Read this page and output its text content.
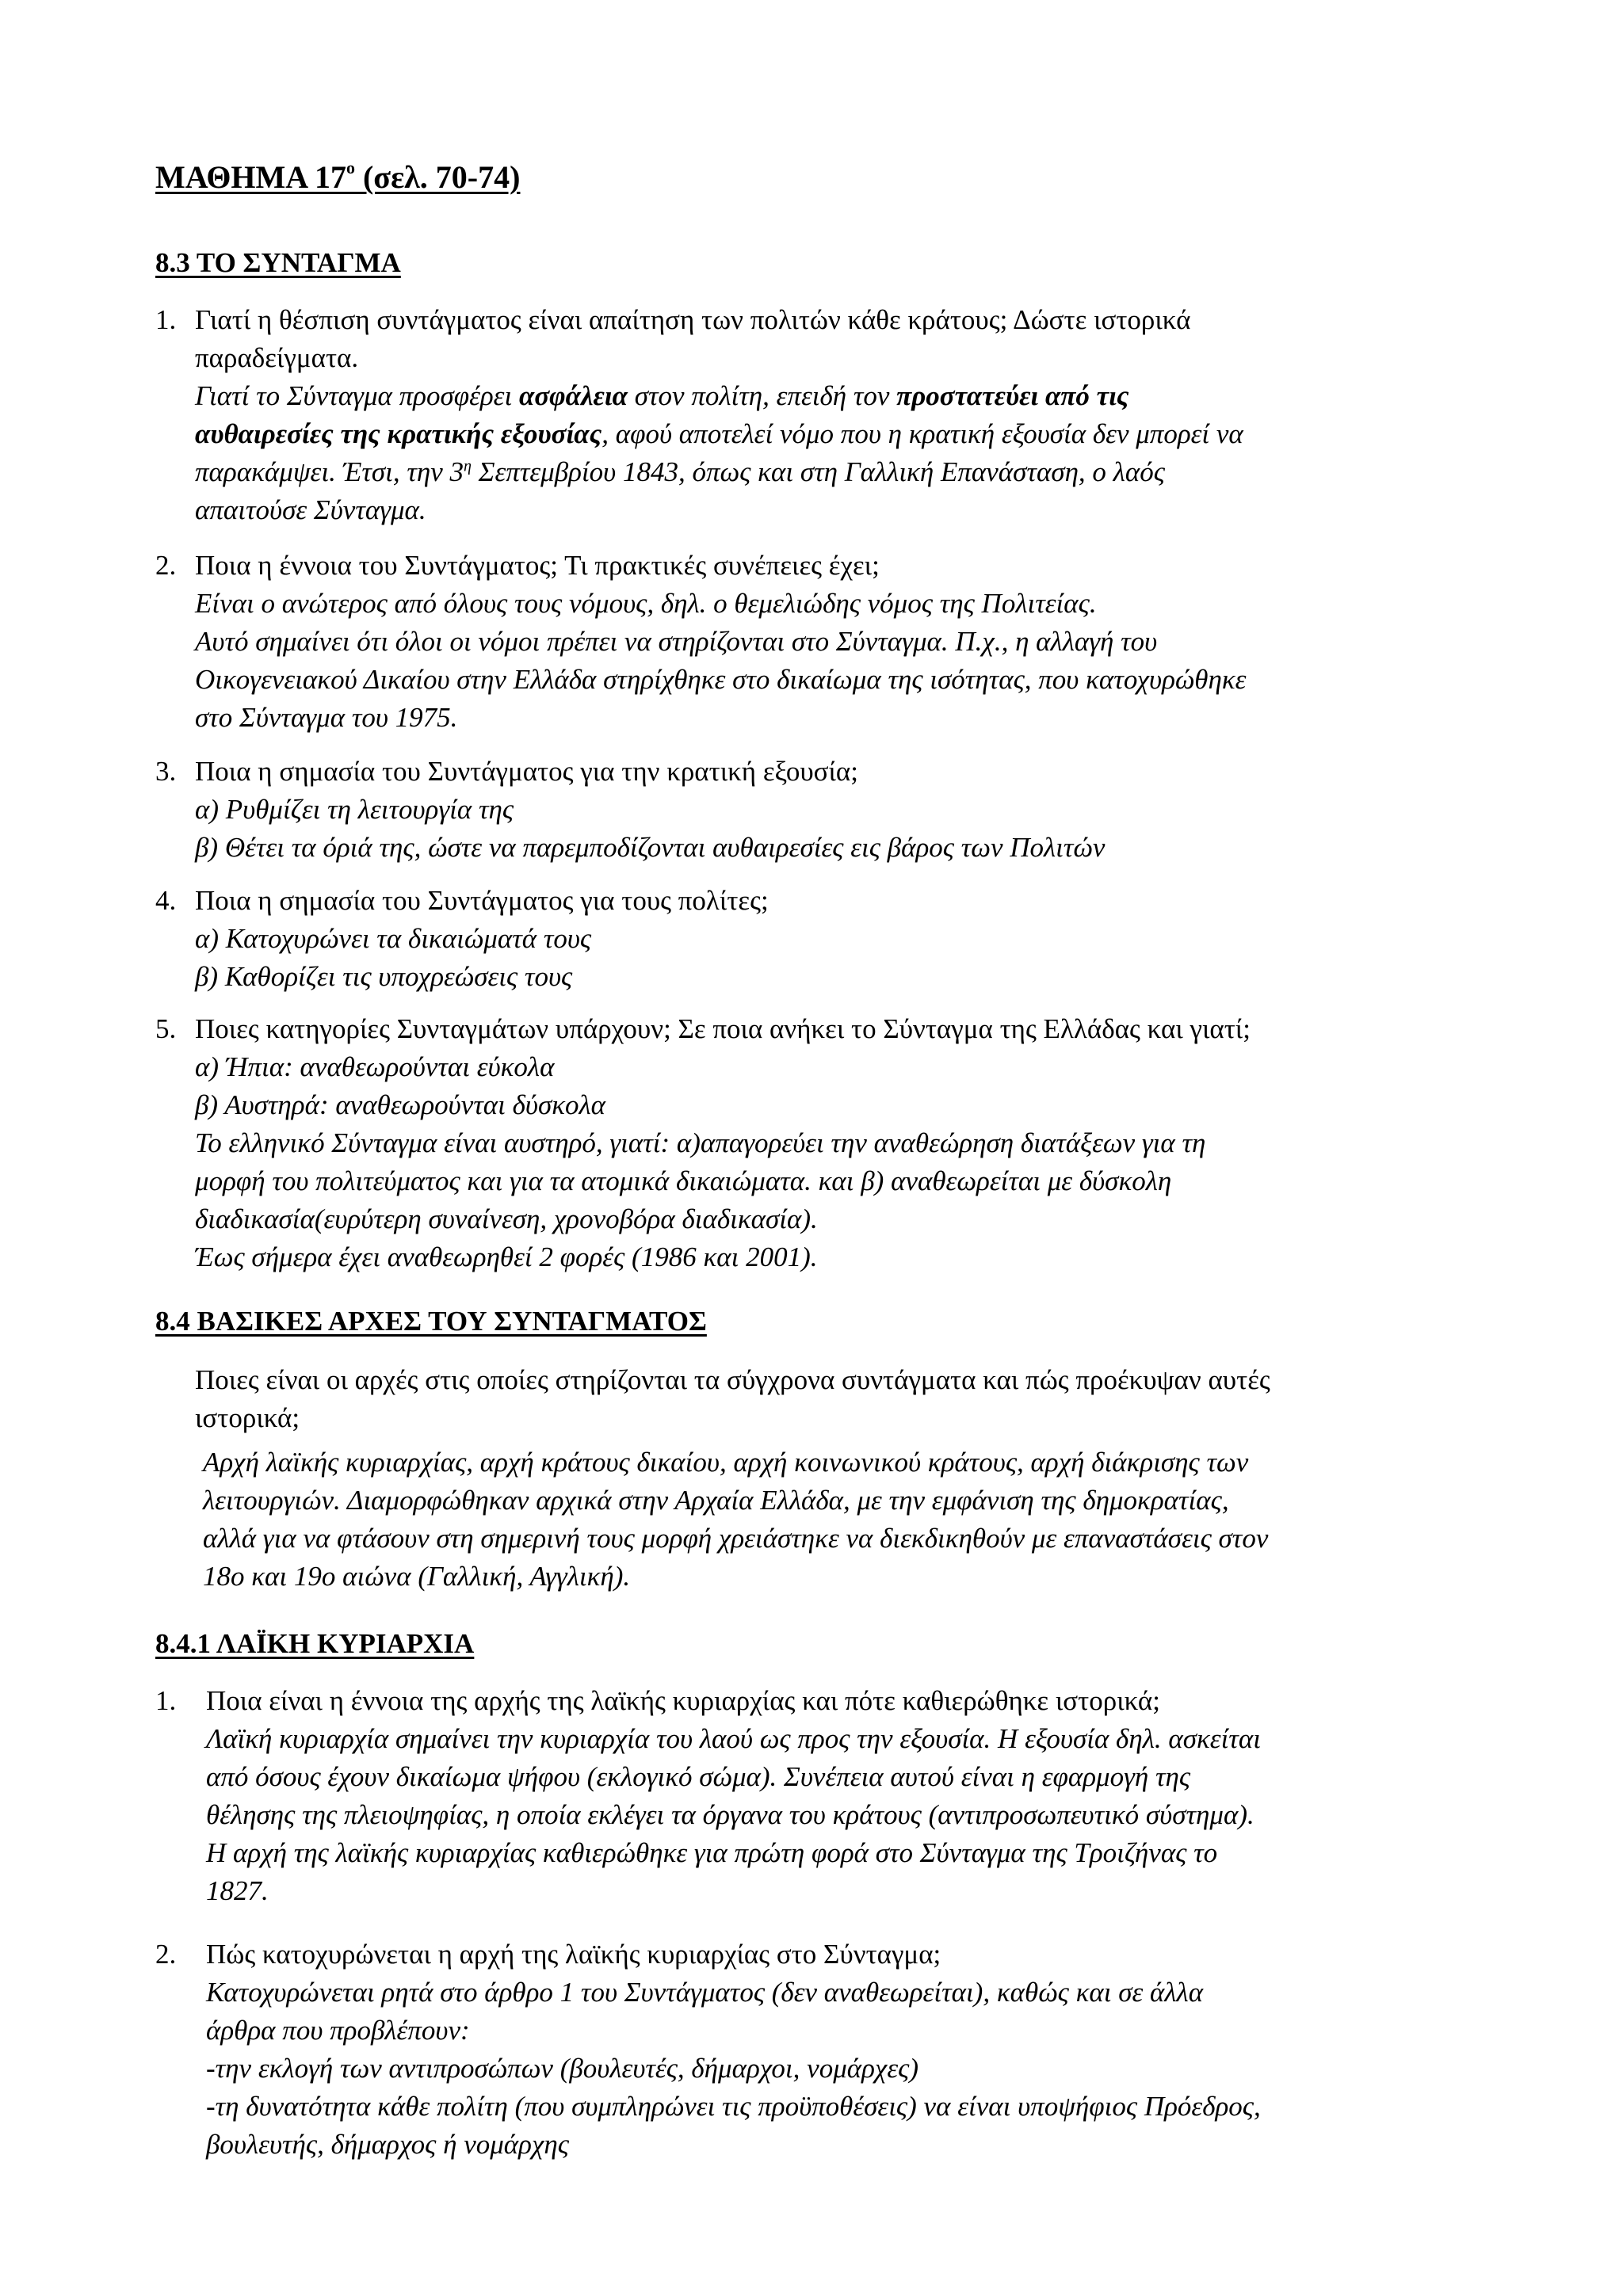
ΜΑΘΗΜΑ $17^o$ (σελ. 70-74)
8.3 ΤΟ ΣΥΝΤΑΓΜΑ
1. Γιατί η θέσπιση συντάγματος είναι απαίτηση των πολιτών κάθε κράτους; Δώστε ιστορικά
παραδείγματα.
Γιατί το Σύνταγμα προσφέρει ασφάλεια στον πολίτη, επειδή τον προστατεύει από τις
αυθαιρεσίες της κρατικής εξουσίας, αφού αποτελεί νόμο που η κρατική εξουσία δεν μπορεί να
παρακάμψει. Έτσι, την $3^\eta$ Σεπτεμβρίου 1843, όπως και στη Γαλλική Επανάσταση, ο λαός
απαιτούσε Σύνταγμα.
2. Ποια η έννοια του Συντάγματος; Τι πρακτικές συνέπειες έχει;
Είναι ο ανώτερος από όλους τους νόμους, δηλ. ο θεμελιώδης νόμος της Πολιτείας.
Αυτό σημαίνει ότι όλοι οι νόμοι πρέπει να στηρίζονται στο Σύνταγμα. Π.χ., η αλλαγή του
Οικογενειακού Δικαίου στην Ελλάδα στηρίχθηκε στο δικαίωμα της ισότητας, που κατοχυρώθηκε
στο Σύνταγμα του 1975.
3. Ποια η σημασία του Συντάγματος για την κρατική εξουσία;
α) Ρυθμίζει τη λειτουργία της
β) Θέτει τα όριά της, ώστε να παρεμποδίζονται αυθαιρεσίες εις βάρος των Πολιτών
4. Ποια η σημασία του Συντάγματος για τους πολίτες;
α) Κατοχυρώνει τα δικαιώματά τους
β) Καθορίζει τις υποχρεώσεις τους
5. Ποιες κατηγορίες Συνταγμάτων υπάρχουν; Σε ποια ανήκει το Σύνταγμα της Ελλάδας και γιατί;
α) Ήπια: αναθεωρούνται εύκολα
β) Αυστηρά: αναθεωρούνται δύσκολα
Το ελληνικό Σύνταγμα είναι αυστηρό, γιατί: α)απαγορεύει την αναθεώρηση διατάξεων για τη
μορφή του πολιτεύματος και για τα ατομικά δικαιώματα. και β) αναθεωρείται με δύσκολη
διαδικασία(ευρύτερη συναίνεση, χρονοβόρα διαδικασία).
Έως σήμερα έχει αναθεωρηθεί 2 φορές (1986 και 2001).
8.4 ΒΑΣΙΚΕΣ ΑΡΧΕΣ ΤΟΥ ΣΥΝΤΑΓΜΑΤΟΣ
Ποιες είναι οι αρχές στις οποίες στηρίζονται τα σύγχρονα συντάγματα και πώς προέκυψαν αυτές
ιστορικά;
Αρχή λαϊκής κυριαρχίας, αρχή κράτους δικαίου, αρχή κοινωνικού κράτους, αρχή διάκρισης των
λειτουργιών. Διαμορφώθηκαν αρχικά στην Αρχαία Ελλάδα, με την εμφάνιση της δημοκρατίας,
αλλά για να φτάσουν στη σημερινή τους μορφή χρειάστηκε να διεκδικηθούν με επαναστάσεις στον
18ο και 19ο αιώνα (Γαλλική, Αγγλική).
8.4.1 ΛΑΪΚΗ ΚΥΡΙΑΡΧΙΑ
1. Ποια είναι η έννοια της αρχής της λαϊκής κυριαρχίας και πότε καθιερώθηκε ιστορικά;
Λαϊκή κυριαρχία σημαίνει την κυριαρχία του λαού ως προς την εξουσία. Η εξουσία δηλ. ασκείται
από όσους έχουν δικαίωμα ψήφου (εκλογικό σώμα). Συνέπεια αυτού είναι η εφαρμογή της
θέλησης της πλειοψηφίας, η οποία εκλέγει τα όργανα του κράτους (αντιπροσωπευτικό σύστημα).
Η αρχή της λαϊκής κυριαρχίας καθιερώθηκε για πρώτη φορά στο Σύνταγμα της Τροιζήνας το
1827.
2. Πώς κατοχυρώνεται η αρχή της λαϊκής κυριαρχίας στο Σύνταγμα;
Κατοχυρώνεται ρητά στο άρθρο 1 του Συντάγματος (δεν αναθεωρείται), καθώς και σε άλλα
άρθρα που προβλέπουν:
-την εκλογή των αντιπροσώπων (βουλευτές, δήμαρχοι, νομάρχες)
-τη δυνατότητα κάθε πολίτη (που συμπληρώνει τις προϋποθέσεις) να είναι υποψήφιος Πρόεδρος,
βουλευτής, δήμαρχος ή νομάρχης
